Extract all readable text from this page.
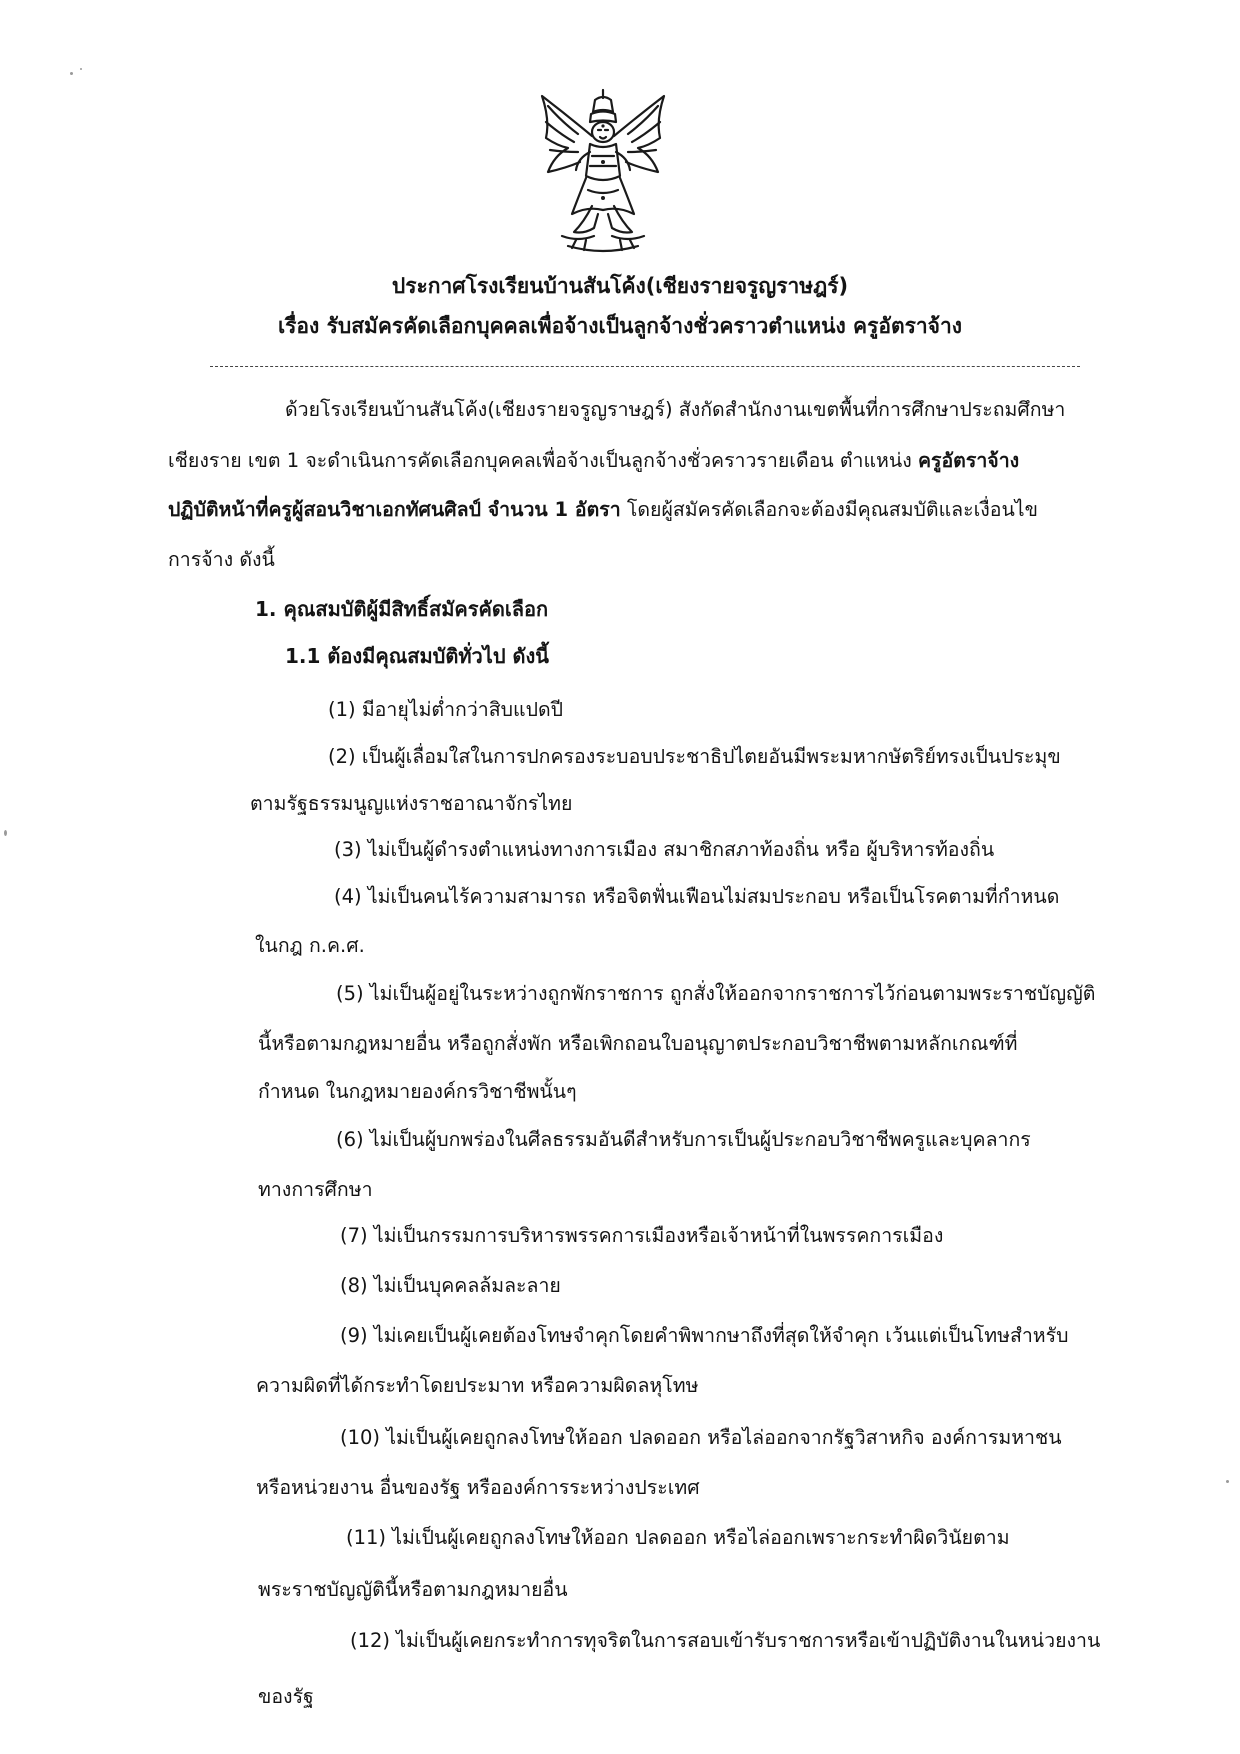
ประกาศโรงเรียนบ้านสันโค้ง(เชียงรายจรูญราษฎร์)
เรื่อง รับสมัครคัดเลือกบุคคลเพื่อจ้างเป็นลูกจ้างชั่วคราวตำแหน่ง ครูอัตราจ้าง
ด้วยโรงเรียนบ้านสันโค้ง(เชียงรายจรูญราษฎร์) สังกัดสำนักงานเขตพื้นที่การศึกษาประถมศึกษา
เชียงราย เขต 1 จะดำเนินการคัดเลือกบุคคลเพื่อจ้างเป็นลูกจ้างชั่วคราวรายเดือน ตำแหน่ง ครูอัตราจ้าง
ปฏิบัติหน้าที่ครูผู้สอนวิชาเอกทัศนศิลป์ จำนวน 1 อัตรา โดยผู้สมัครคัดเลือกจะต้องมีคุณสมบัติและเงื่อนไข
การจ้าง ดังนี้
1. คุณสมบัติผู้มีสิทธิ์สมัครคัดเลือก
1.1 ต้องมีคุณสมบัติทั่วไป ดังนี้
(1) มีอายุไม่ต่ำกว่าสิบแปดปี
(2) เป็นผู้เลื่อมใสในการปกครองระบอบประชาธิปไตยอันมีพระมหากษัตริย์ทรงเป็นประมุข
ตามรัฐธรรมนูญแห่งราชอาณาจักรไทย
(3) ไม่เป็นผู้ดำรงตำแหน่งทางการเมือง สมาชิกสภาท้องถิ่น หรือ ผู้บริหารท้องถิ่น
(4) ไม่เป็นคนไร้ความสามารถ หรือจิตฟั่นเฟือนไม่สมประกอบ หรือเป็นโรคตามที่กำหนด
ในกฎ ก.ค.ศ.
(5) ไม่เป็นผู้อยู่ในระหว่างถูกพักราชการ ถูกสั่งให้ออกจากราชการไว้ก่อนตามพระราชบัญญัติ
นี้หรือตามกฎหมายอื่น หรือถูกสั่งพัก หรือเพิกถอนใบอนุญาตประกอบวิชาชีพตามหลักเกณฑ์ที่
กำหนด ในกฎหมายองค์กรวิชาชีพนั้นๆ
(6) ไม่เป็นผู้บกพร่องในศีลธรรมอันดีสำหรับการเป็นผู้ประกอบวิชาชีพครูและบุคลากร
ทางการศึกษา
(7) ไม่เป็นกรรมการบริหารพรรคการเมืองหรือเจ้าหน้าที่ในพรรคการเมือง
(8) ไม่เป็นบุคคลล้มละลาย
(9) ไม่เคยเป็นผู้เคยต้องโทษจำคุกโดยคำพิพากษาถึงที่สุดให้จำคุก เว้นแต่เป็นโทษสำหรับ
ความผิดที่ได้กระทำโดยประมาท หรือความผิดลหุโทษ
(10) ไม่เป็นผู้เคยถูกลงโทษให้ออก ปลดออก หรือไล่ออกจากรัฐวิสาหกิจ องค์การมหาชน
หรือหน่วยงาน อื่นของรัฐ หรือองค์การระหว่างประเทศ
(11) ไม่เป็นผู้เคยถูกลงโทษให้ออก ปลดออก หรือไล่ออกเพราะกระทำผิดวินัยตาม
พระราชบัญญัตินี้หรือตามกฎหมายอื่น
(12) ไม่เป็นผู้เคยกระทำการทุจริตในการสอบเข้ารับราชการหรือเข้าปฏิบัติงานในหน่วยงาน
ของรัฐ
